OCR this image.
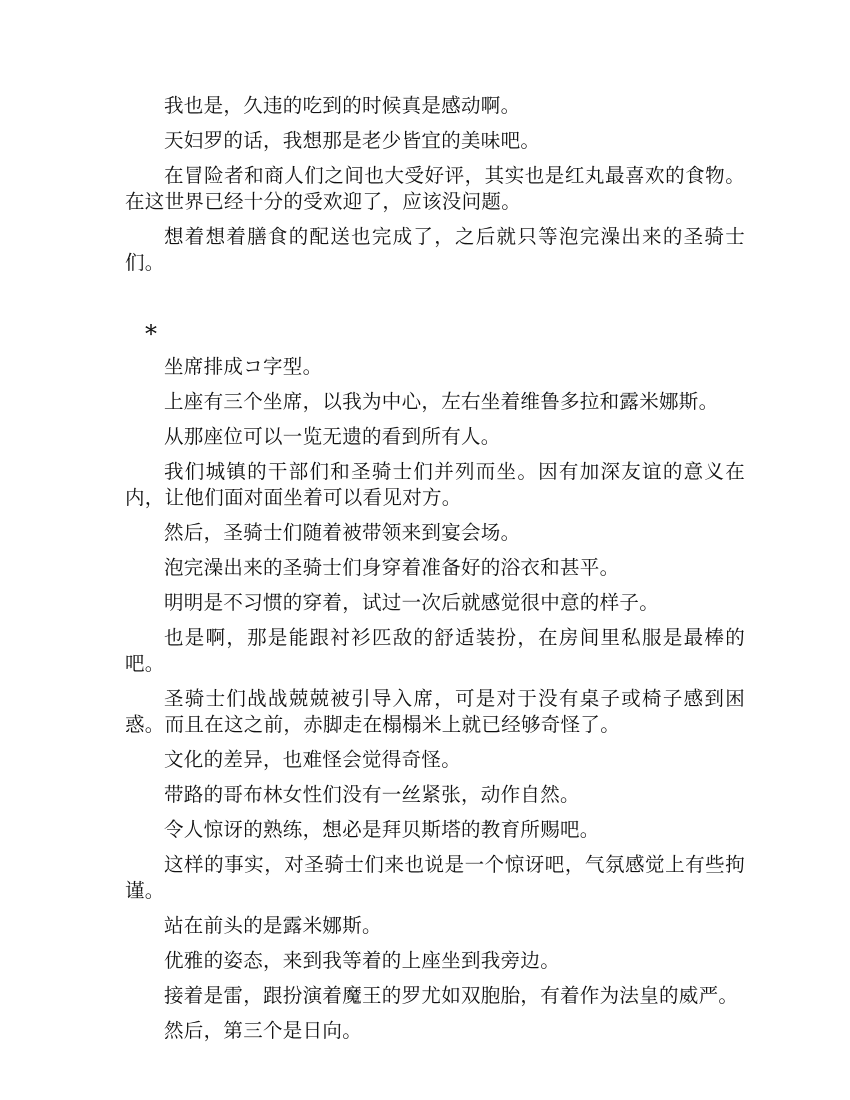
我也是，久违的吃到的时候真是感动啊。

天妇罗的话，我想那是老少皆宜的美味吧。

在冒险者和商人们之间也大受好评，其实也是红丸最喜欢的食物。在这世界已经十分的受欢迎了，应该没问题。

想着想着膳食的配送也完成了，之后就只等泡完澡出来的圣骑士们。

*

坐席排成コ字型。

上座有三个坐席，以我为中心，左右坐着维鲁多拉和露米娜斯。

从那座位可以一览无遗的看到所有人。

我们城镇的干部们和圣骑士们并列而坐。因有加深友谊的意义在内，让他们面对面坐着可以看见对方。

然后，圣骑士们随着被带领来到宴会场。

泡完澡出来的圣骑士们身穿着准备好的浴衣和甚平。

明明是不习惯的穿着，试过一次后就感觉很中意的样子。

也是啊，那是能跟衬衫匹敌的舒适装扮，在房间里私服是最棒的吧。

圣骑士们战战兢兢被引导入席，可是对于没有桌子或椅子感到困惑。而且在这之前，赤脚走在榻榻米上就已经够奇怪了。

文化的差异，也难怪会觉得奇怪。

带路的哥布林女性们没有一丝紧张，动作自然。

令人惊讶的熟练，想必是拜贝斯塔的教育所赐吧。

这样的事实，对圣骑士们来也说是一个惊讶吧，气氛感觉上有些拘谨。

站在前头的是露米娜斯。

优雅的姿态，来到我等着的上座坐到我旁边。

接着是雷，跟扮演着魔王的罗尤如双胞胎，有着作为法皇的威严。

然后，第三个是日向。
